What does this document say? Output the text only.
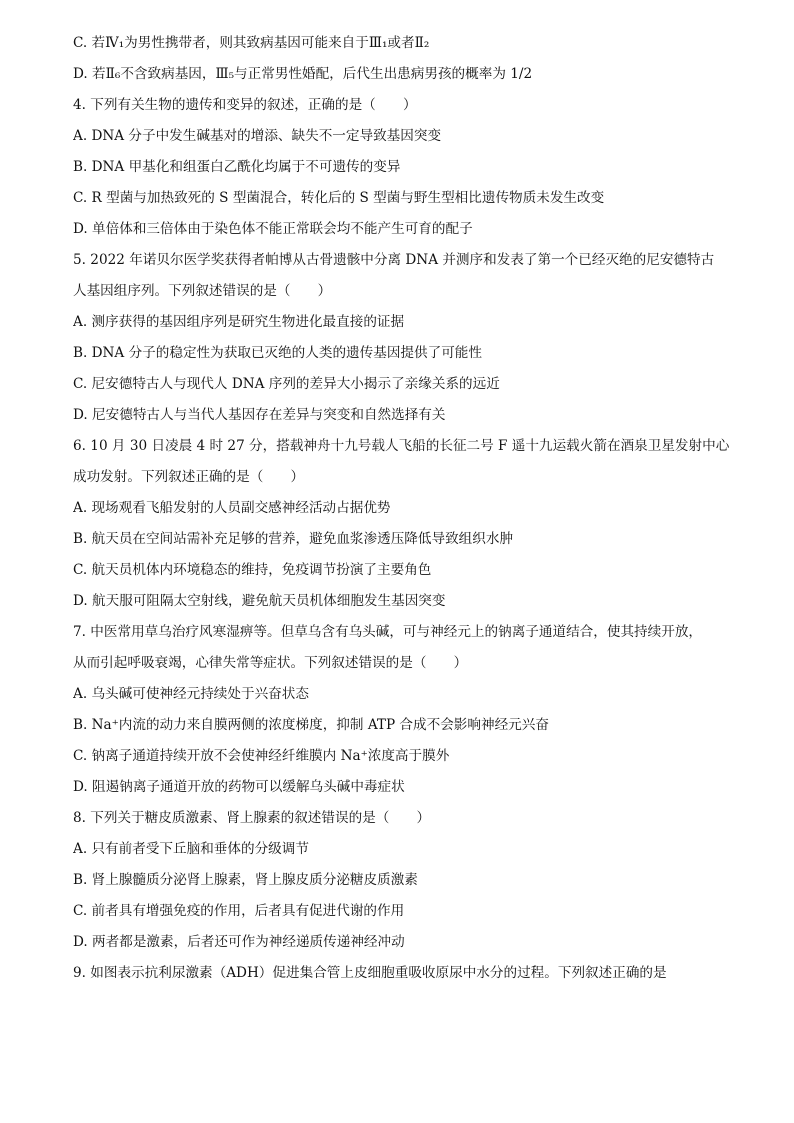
C. 若Ⅳ₁为男性携带者，则其致病基因可能来自于Ⅲ₁或者Ⅱ₂
D. 若Ⅱ₆不含致病基因，Ⅲ₅与正常男性婚配，后代生出患病男孩的概率为 1/2
4. 下列有关生物的遗传和变异的叙述，正确的是（　　）
A. DNA 分子中发生碱基对的增添、缺失不一定导致基因突变
B. DNA 甲基化和组蛋白乙酰化均属于不可遗传的变异
C. R 型菌与加热致死的 S 型菌混合，转化后的 S 型菌与野生型相比遗传物质未发生改变
D. 单倍体和三倍体由于染色体不能正常联会均不能产生可育的配子
5. 2022 年诺贝尔医学奖获得者帕博从古骨遗骸中分离 DNA 并测序和发表了第一个已经灭绝的尼安德特古
人基因组序列。下列叙述错误的是（　　）
A. 测序获得的基因组序列是研究生物进化最直接的证据
B. DNA 分子的稳定性为获取已灭绝的人类的遗传基因提供了可能性
C. 尼安德特古人与现代人 DNA 序列的差异大小揭示了亲缘关系的远近
D. 尼安德特古人与当代人基因存在差异与突变和自然选择有关
6. 10 月 30 日凌晨 4 时 27 分，搭载神舟十九号载人飞船的长征二号 F 遥十九运载火箭在酒泉卫星发射中心
成功发射。下列叙述正确的是（　　）
A. 现场观看飞船发射的人员副交感神经活动占据优势
B. 航天员在空间站需补充足够的营养，避免血浆渗透压降低导致组织水肿
C. 航天员机体内环境稳态的维持，免疫调节扮演了主要角色
D. 航天服可阻隔太空射线，避免航天员机体细胞发生基因突变
7. 中医常用草乌治疗风寒湿痹等。但草乌含有乌头碱，可与神经元上的钠离子通道结合，使其持续开放，
从而引起呼吸衰竭，心律失常等症状。下列叙述错误的是（　　）
A. 乌头碱可使神经元持续处于兴奋状态
B. Na⁺内流的动力来自膜两侧的浓度梯度，抑制 ATP 合成不会影响神经元兴奋
C. 钠离子通道持续开放不会使神经纤维膜内 Na⁺浓度高于膜外
D. 阻遏钠离子通道开放的药物可以缓解乌头碱中毒症状
8. 下列关于糖皮质激素、肾上腺素的叙述错误的是（　　）
A. 只有前者受下丘脑和垂体的分级调节
B. 肾上腺髓质分泌肾上腺素，肾上腺皮质分泌糖皮质激素
C. 前者具有增强免疫的作用，后者具有促进代谢的作用
D. 两者都是激素，后者还可作为神经递质传递神经冲动
9. 如图表示抗利尿激素（ADH）促进集合管上皮细胞重吸收原尿中水分的过程。下列叙述正确的是
